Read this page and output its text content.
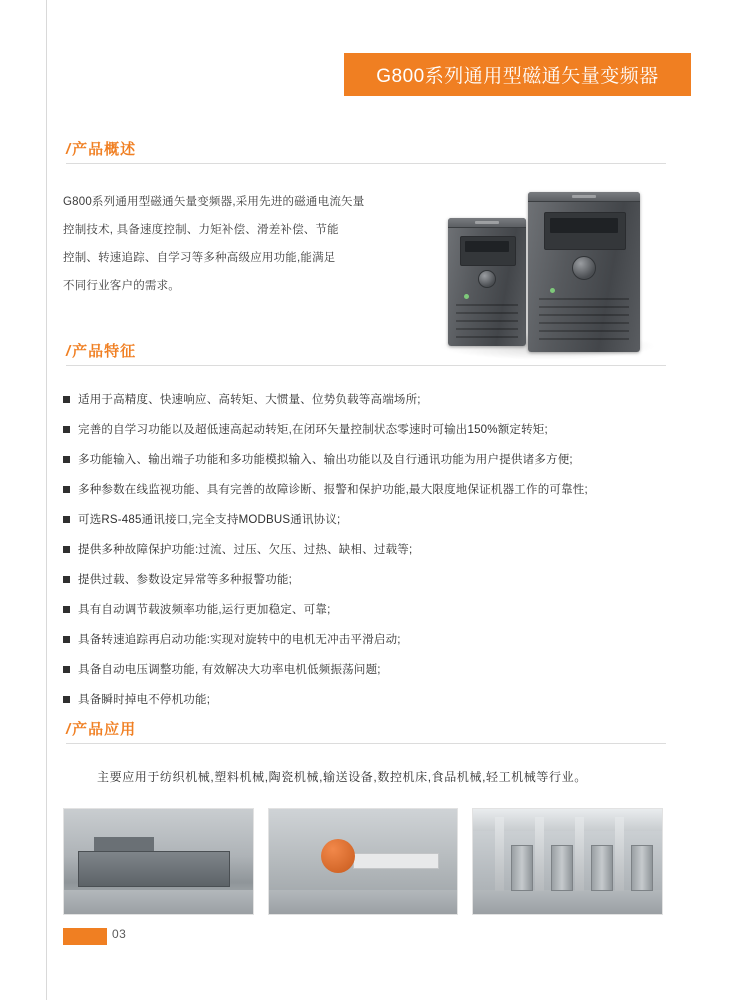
G800系列通用型磁通矢量变频器
/ 产品概述

G800系列通用型磁通矢量变频器,采用先进的磁通电流矢量

控制技术, 具备速度控制、力矩补偿、滑差补偿、节能

控制、转速追踪、自学习等多种高级应用功能,能满足

不同行业客户的需求。

/ 产品特征
适用于高精度、快速响应、高转矩、大惯量、位势负载等高端场所;
完善的自学习功能以及超低速高起动转矩,在闭环矢量控制状态零速时可输出150%额定转矩;
多功能输入、输出端子功能和多功能模拟输入、输出功能以及自行通讯功能为用户提供诸多方便;
多种参数在线监视功能、具有完善的故障诊断、报警和保护功能,最大限度地保证机器工作的可靠性;
可选RS-485通讯接口,完全支持MODBUS通讯协议;
提供多种故障保护功能:过流、过压、欠压、过热、缺相、过载等;
提供过载、参数设定异常等多种报警功能;
具有自动调节载波频率功能,运行更加稳定、可靠;
具备转速追踪再启动功能:实现对旋转中的电机无冲击平滑启动;
具备自动电压调整功能, 有效解决大功率电机低频振荡问题;
具备瞬时掉电不停机功能;
/ 产品应用
主要应用于纺织机械,塑料机械,陶瓷机械,输送设备,数控机床,食品机械,轻工机械等行业。
03
